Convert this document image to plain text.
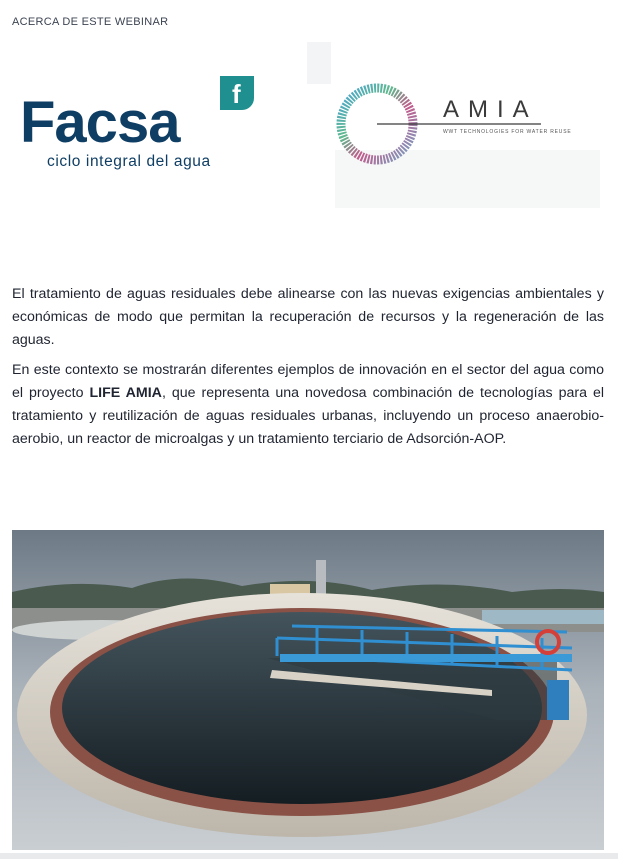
ACERCA DE ESTE WEBINAR
Facsa
ciclo integral del agua
f
AMIA
WWT TECHNOLOGIES FOR WATER REUSE

El tratamiento de aguas residuales debe alinearse con las nuevas exigencias ambientales y económicas de modo que permitan la recuperación de recursos y la regeneración de las aguas.

En este contexto se mostrarán diferentes ejemplos de innovación en el sector del agua como el proyecto LIFE AMIA, que representa una novedosa combinación de tecnologías para el tratamiento y reutilización de aguas residuales urbanas, incluyendo un proceso anaerobio-aerobio, un reactor de microalgas y un tratamiento terciario de Adsorción-AOP.
